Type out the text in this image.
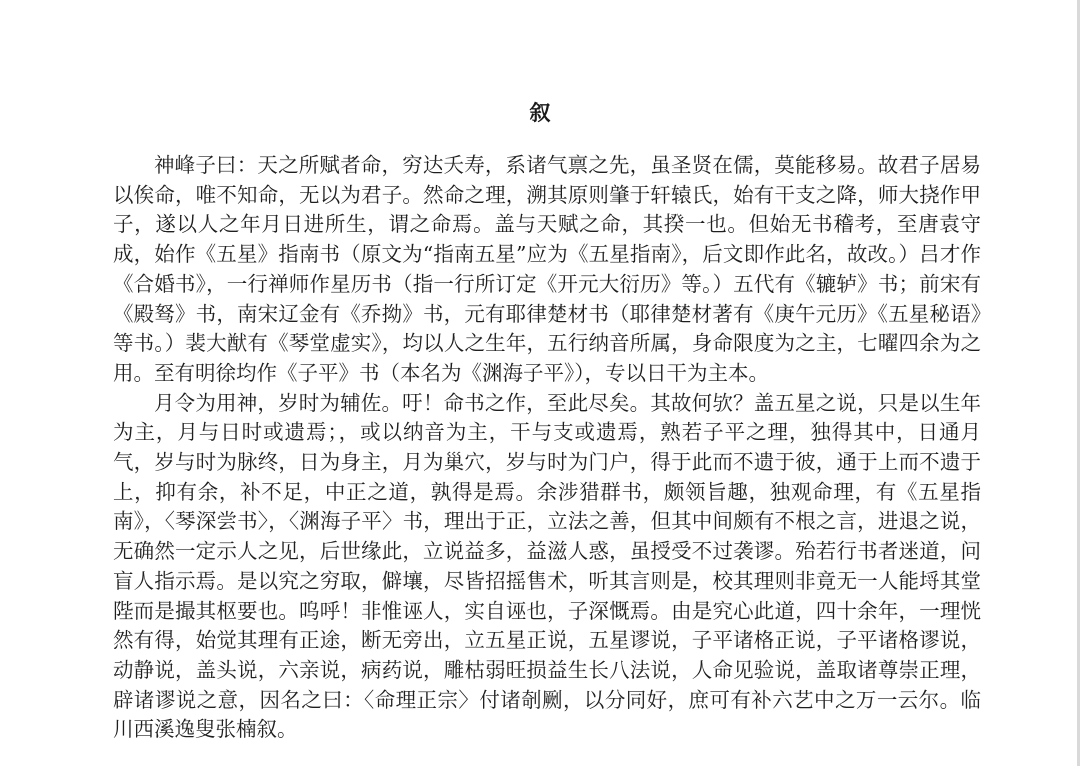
叙

神峰子曰：天之所赋者命，穷达夭寿，系诸气禀之先，虽圣贤在儒，莫能移易。故君子居易以俟命，唯不知命，无以为君子。然命之理，溯其原则肇于轩辕氏，始有干支之降，师大挠作甲子，遂以人之年月日进所生，谓之命焉。盖与天赋之命，其揆一也。但始无书稽考，至唐袁守成，始作《五星》指南书（原文为“指南五星”应为《五星指南》，后文即作此名，故改。）吕才作《合婚书》，一行禅师作星历书（指一行所订定《开元大衍历》等。）五代有《辘轳》书；前宋有《殿驽》书，南宋辽金有《乔拗》书，元有耶律楚材书（耶律楚材著有《庚午元历》《五星秘语》等书。）裴大猷有《琴堂虚实》，均以人之生年，五行纳音所属，身命限度为之主，七曜四余为之用。至有明徐均作《子平》书（本名为《渊海子平》），专以日干为主本。

月令为用神，岁时为辅佐。吁！命书之作，至此尽矣。其故何欤？盖五星之说，只是以生年为主，月与日时或遗焉；，或以纳音为主，干与支或遗焉，熟若子平之理，独得其中，日通月气，岁与时为脉终，日为身主，月为巢穴，岁与时为门户，得于此而不遗于彼，通于上而不遗于上，抑有余，补不足，中正之道，孰得是焉。余涉猎群书，颇领旨趣，独观命理，有《五星指南》，〈琴深尝书〉，〈渊海子平〉书，理出于正，立法之善，但其中间颇有不根之言，进退之说，无确然一定示人之见，后世缘此，立说益多，益滋人惑，虽授受不过袭谬。殆若行书者迷道，问盲人指示焉。是以究之穷取，僻壤，尽皆招摇售术，听其言则是，校其理则非竟无一人能埒其堂陛而是撮其枢要也。呜呼！非惟诬人，实自诬也，子深慨焉。由是究心此道，四十余年，一理恍然有得，始觉其理有正途，断无旁出，立五星正说，五星谬说，子平诸格正说，子平诸格谬说，动静说，盖头说，六亲说，病药说，雕枯弱旺损益生长八法说，人命见验说，盖取诸尊崇正理，辟诸谬说之意，因名之曰：〈命理正宗〉付诸剞劂，以分同好，庶可有补六艺中之万一云尔。临川西溪逸叟张楠叙。
